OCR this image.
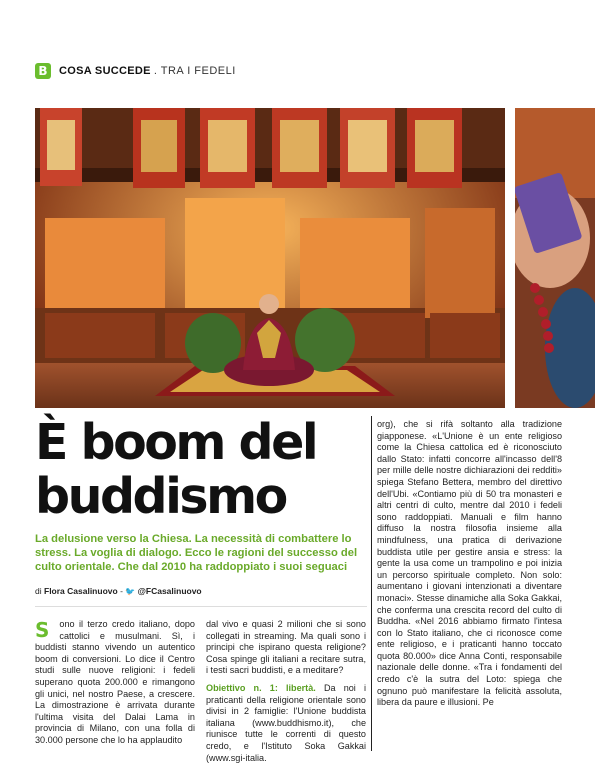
B	COSA SUCCEDE . TRA I FEDELI
È boom del buddismo

La delusione verso la Chiesa. La necessità di combattere lo stress. La voglia di dialogo. Ecco le ragioni del successo del culto orientale. Che dal 2010 ha raddoppiato i suoi seguaci

di Flora Casalinuovo - 🐦 @FCasalinuovo
S ono il terzo credo italiano, dopo cattolici e musulmani. Sì, i buddisti stanno vivendo un autentico boom di conversioni. Lo dice il Centro studi sulle nuove religioni: i fedeli superano quota 200.000 e rimangono gli unici, nel nostro Paese, a crescere. La dimostrazione è arrivata durante l'ultima visita del Dalai Lama in provincia di Milano, con una folla di 30.000 persone che lo ha applaudito

dal vivo e quasi 2 milioni che si sono collegati in streaming. Ma quali sono i principi che ispirano questa religione? Cosa spinge gli italiani a recitare sutra, i testi sacri buddisti, e a meditare?

Obiettivo n. 1: libertà. Da noi i praticanti della religione orientale sono divisi in 2 famiglie: l'Unione buddista italiana (www.buddhismo.it), che riunisce tutte le correnti di questo credo, e l'Istituto Soka Gakkai (www.sgi-italia.

org), che si rifà soltanto alla tradizione giapponese. «L'Unione è un ente religioso come la Chiesa cattolica ed è riconosciuto dallo Stato: infatti concorre all'incasso dell'8 per mille delle nostre dichiarazioni dei redditi» spiega Stefano Bettera, membro del direttivo dell'Ubi. «Contiamo più di 50 tra monasteri e altri centri di culto, mentre dal 2010 i fedeli sono raddoppiati. Manuali e film hanno diffuso la nostra filosofia insieme alla mindfulness, una pratica di derivazione buddista utile per gestire ansia e stress: la gente la usa come un trampolino e poi inizia un percorso spirituale completo. Non solo: aumentano i giovani intenzionati a diventare monaci». Stesse dinamiche alla Soka Gakkai, che conferma una crescita record del culto di Buddha. «Nel 2016 abbiamo firmato l'intesa con lo Stato italiano, che ci riconosce come ente religioso, e i praticanti hanno toccato quota 80.000» dice Anna Conti, responsabile nazionale delle donne. «Tra i fondamenti del credo c'è la sutra del Loto: spiega che ognuno può manifestare la felicità assoluta, libera da paure e illusioni. Pe
